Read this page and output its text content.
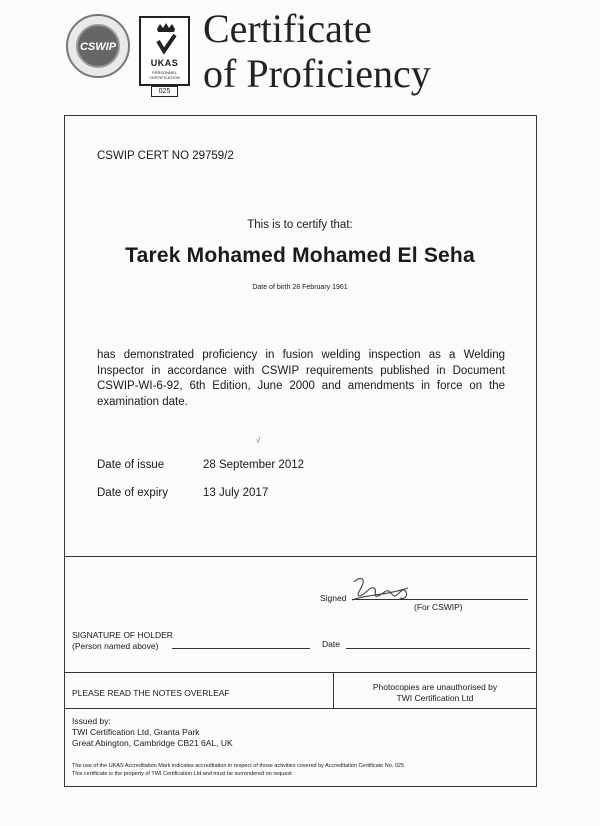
CSWIP
UKAS
PERSONNEL CERTIFICATION
025
Certificate
of Proficiency
CSWIP CERT NO 29759/2
This is to certify that:
Tarek Mohamed Mohamed El Seha
Date of birth 28 February 1961
has demonstrated proficiency in fusion welding inspection as a Welding Inspector in accordance with CSWIP requirements published in Document CSWIP-WI-6-92, 6th Edition, June 2000 and amendments in force on the examination date.
√
Date of issue	28 September 2012
Date of expiry	13 July 2017
Signed
(For CSWIP)
SIGNATURE OF HOLDER
(Person named above)	Date
PLEASE READ THE NOTES OVERLEAF
Photocopies are unauthorised by
TWI Certification Ltd
Issued by:
TWI Certification Ltd, Granta Park
Great Abington, Cambridge CB21 6AL, UK
The use of the UKAS Accreditation Mark indicates accreditation in respect of those activities covered by Accreditation Certificate No. 025
This certificate is the property of TWI Certification Ltd and must be surrendered on request
